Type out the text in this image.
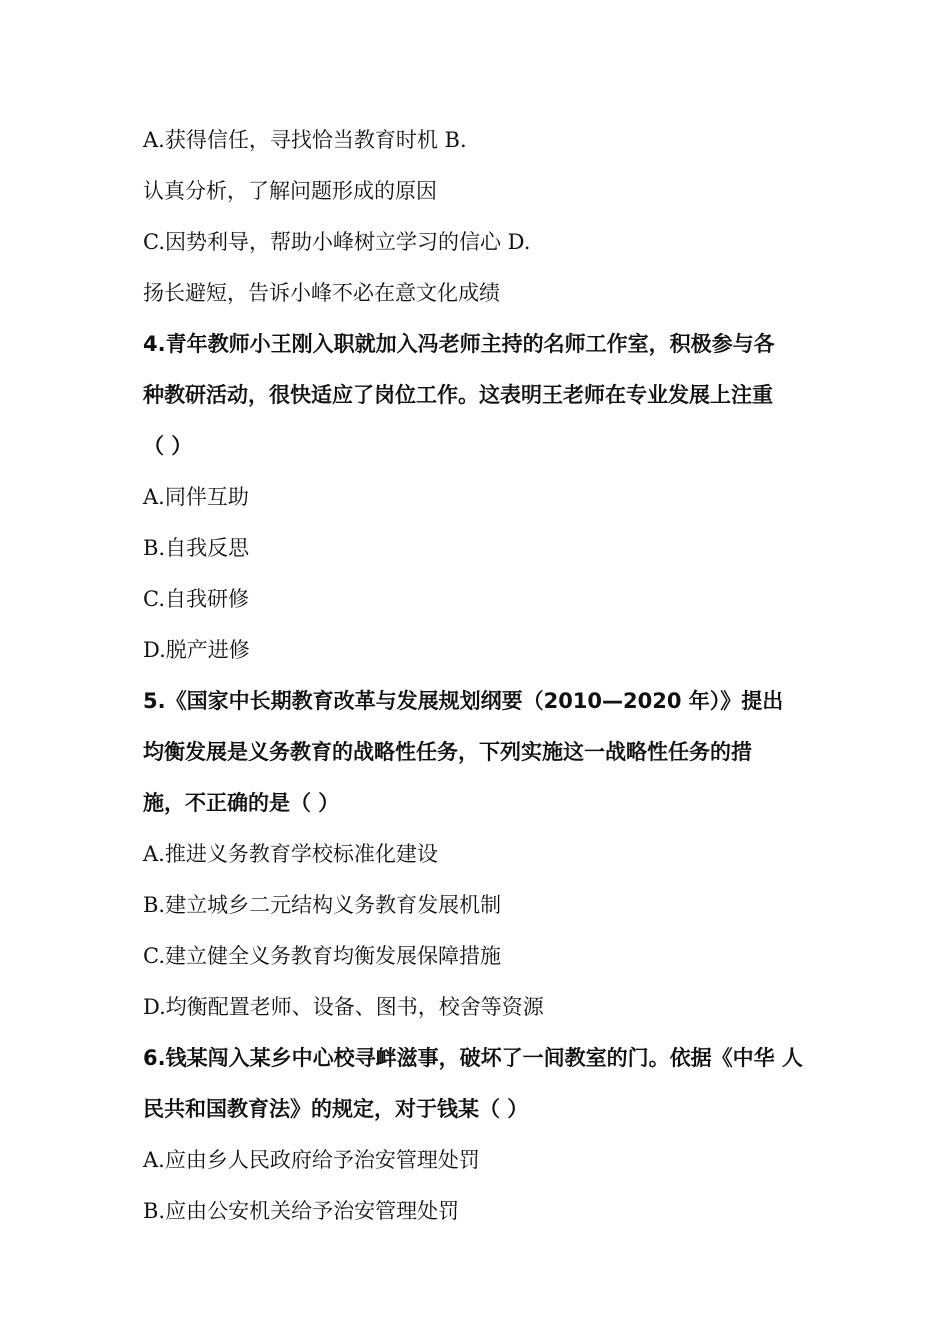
A.获得信任，寻找恰当教育时机 B.
认真分析，了解问题形成的原因
C.因势利导，帮助小峰树立学习的信心 D.
扬长避短，告诉小峰不必在意文化成绩
4.青年教师小王刚入职就加入冯老师主持的名师工作室，积极参与各
种教研活动，很快适应了岗位工作。这表明王老师在专业发展上注重
（ ）
A.同伴互助
B.自我反思
C.自我研修
D.脱产进修
5.《国家中长期教育改革与发展规划纲要（2010—2020 年）》提出
均衡发展是义务教育的战略性任务，下列实施这一战略性任务的措
施，不正确的是（ ）
A.推进义务教育学校标准化建设
B.建立城乡二元结构义务教育发展机制
C.建立健全义务教育均衡发展保障措施
D.均衡配置老师、设备、图书，校舍等资源
6.钱某闯入某乡中心校寻衅滋事，破坏了一间教室的门。依据《中华 人
民共和国教育法》的规定，对于钱某（ ）
A.应由乡人民政府给予治安管理处罚
B.应由公安机关给予治安管理处罚
